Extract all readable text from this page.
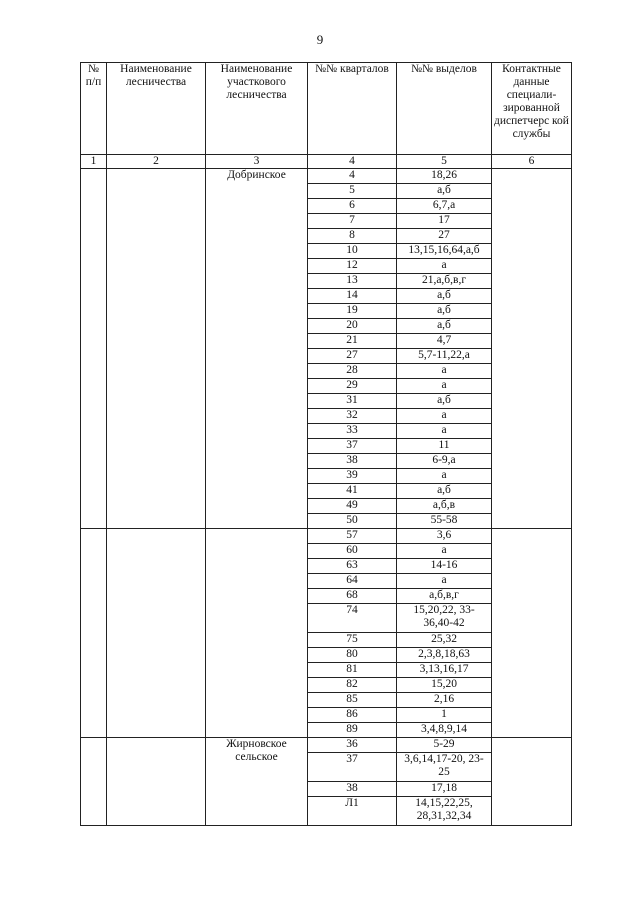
9
№ п/п	Наименование лесничества	Наименование участкового лесничества	№№ кварталов	№№ выделов	Контактные данные специали-зированной диспетчерс кой службы
1	2	3	4	5	6
		Добринское	4	18,26	
			5	а,б	
			6	6,7,а	
			7	17	
			8	27	
			10	13,15,16,64,а,б	
			12	а	
			13	21,а,б,в,г	
			14	а,б	
			19	а,б	
			20	а,б	
			21	4,7	
			27	5,7-11,22,а	
			28	а	
			29	а	
			31	а,б	
			32	а	
			33	а	
			37	11	
			38	6-9,а	
			39	а	
			41	а,б	
			49	а,б,в	
			50	55-58	
			57	3,6	
			60	а	
			63	14-16	
			64	а	
			68	а,б,в,г	
			74	15,20,22, 33-36,40-42	
			75	25,32	
			80	2,3,8,18,63	
			81	3,13,16,17	
			82	15,20	
			85	2,16	
			86	1	
			89	3,4,8,9,14	
		Жирновское сельское	36	5-29	
			37	3,6,14,17-20, 23-25	
			38	17,18	
			Л1	14,15,22,25, 28,31,32,34	
